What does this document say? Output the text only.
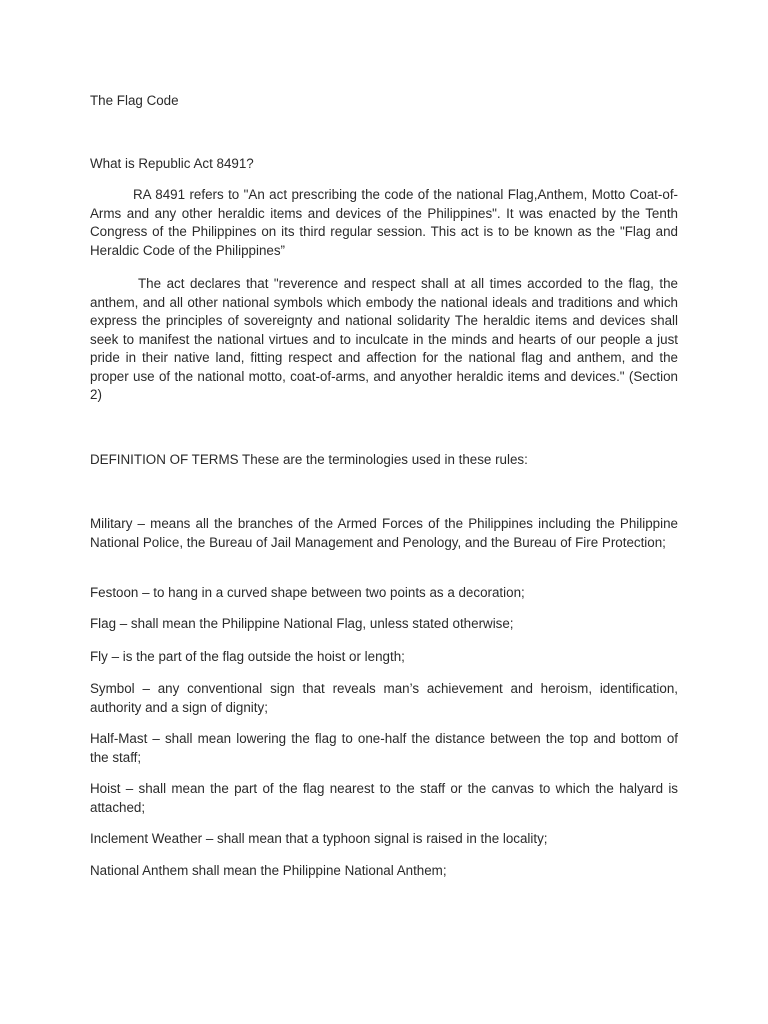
The Flag Code

What is Republic Act 8491?

RA 8491 refers to "An act prescribing the code of the national Flag,Anthem, Motto Coat-of-Arms and any other heraldic items and devices of the Philippines". It was enacted by the Tenth Congress of the Philippines on its third regular session. This act is to be known as the "Flag and Heraldic Code of the Philippines”

The act declares that "reverence and respect shall at all times accorded to the flag, the anthem, and all other national symbols which embody the national ideals and traditions and which express the principles of sovereignty and national solidarity The heraldic items and devices shall seek to manifest the national virtues and to inculcate in the minds and hearts of our people a just pride in their native land, fitting respect and affection for the national flag and anthem, and the proper use of the national motto, coat-of-arms, and anyother heraldic items and devices." (Section 2)

DEFINITION OF TERMS These are the terminologies used in these rules:

Military – means all the branches of the Armed Forces of the Philippines including the Philippine National Police, the Bureau of Jail Management and Penology, and the Bureau of Fire Protection;

Festoon – to hang in a curved shape between two points as a decoration;

Flag – shall mean the Philippine National Flag, unless stated otherwise;

Fly – is the part of the flag outside the hoist or length;

Symbol – any conventional sign that reveals man’s achievement and heroism, identification, authority and a sign of dignity;

Half-Mast – shall mean lowering the flag to one-half the distance between the top and bottom of the staff;

Hoist – shall mean the part of the flag nearest to the staff or the canvas to which the halyard is attached;

Inclement Weather – shall mean that a typhoon signal is raised in the locality;

National Anthem shall mean the Philippine National Anthem;
